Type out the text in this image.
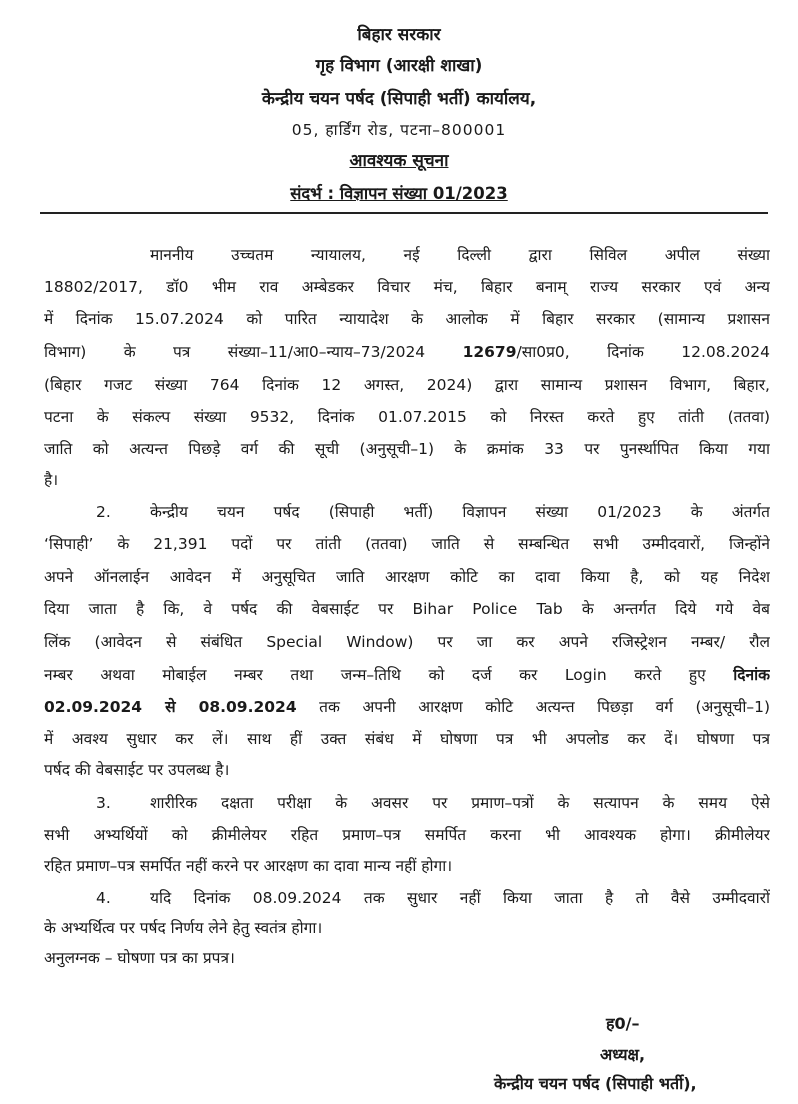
बिहार सरकार
गृह विभाग (आरक्षी शाखा)
केन्द्रीय चयन पर्षद (सिपाही भर्ती) कार्यालय,
05, हार्डिंग रोड, पटना–800001
आवश्यक सूचना
संदर्भ : विज्ञापन संख्या 01/2023
माननीय उच्चतम न्यायालय, नई दिल्ली द्वारा सिविल अपील संख्या
18802/2017, डॉ0 भीम राव अम्बेडकर विचार मंच, बिहार बनाम् राज्य सरकार एवं अन्य
में दिनांक 15.07.2024 को पारित न्यायादेश के आलोक में बिहार सरकार (सामान्य प्रशासन
विभाग) के पत्र संख्या–11/आ0–न्याय–73/2024 12679/सा0प्र0, दिनांक 12.08.2024
(बिहार गजट संख्या 764 दिनांक 12 अगस्त, 2024) द्वारा सामान्य प्रशासन विभाग, बिहार,
पटना के संकल्प संख्या 9532, दिनांक 01.07.2015 को निरस्त करते हुए तांती (ततवा)
जाति को अत्यन्त पिछड़े वर्ग की सूची (अनुसूची–1) के क्रमांक 33 पर पुनर्स्थापित किया गया
है।
2.	केन्द्रीय चयन पर्षद (सिपाही भर्ती) विज्ञापन संख्या 01/2023 के अंतर्गत
‘सिपाही’ के 21,391 पदों पर तांती (ततवा) जाति से सम्बन्धित सभी उम्मीदवारों, जिन्होंने
अपने ऑनलाईन आवेदन में अनुसूचित जाति आरक्षण कोटि का दावा किया है, को यह निदेश
दिया जाता है कि, वे पर्षद की वेबसाईट पर Bihar Police Tab के अन्तर्गत दिये गये वेब
लिंक (आवेदन से संबंधित Special Window) पर जा कर अपने रजिस्ट्रेशन नम्बर/ रौल
नम्बर अथवा मोबाईल नम्बर तथा जन्म–तिथि को दर्ज कर Login करते हुए दिनांक
02.09.2024 से 08.09.2024 तक अपनी आरक्षण कोटि अत्यन्त पिछड़ा वर्ग (अनुसूची–1)
में अवश्य सुधार कर लें। साथ हीं उक्त संबंध में घोषणा पत्र भी अपलोड कर दें। घोषणा पत्र
पर्षद की वेबसाईट पर उपलब्ध है।
3.	शारीरिक दक्षता परीक्षा के अवसर पर प्रमाण–पत्रों के सत्यापन के समय ऐसे
सभी अभ्यर्थियों को क्रीमीलेयर रहित प्रमाण–पत्र समर्पित करना भी आवश्यक होगा। क्रीमीलेयर
रहित प्रमाण–पत्र समर्पित नहीं करने पर आरक्षण का दावा मान्य नहीं होगा।
4.	यदि दिनांक 08.09.2024 तक सुधार नहीं किया जाता है तो वैसे उम्मीदवारों
के अभ्यर्थित्व पर पर्षद निर्णय लेने हेतु स्वतंत्र होगा।
अनुलग्नक – घोषणा पत्र का प्रपत्र।
ह0/–
अध्यक्ष,
केन्द्रीय चयन पर्षद (सिपाही भर्ती),
